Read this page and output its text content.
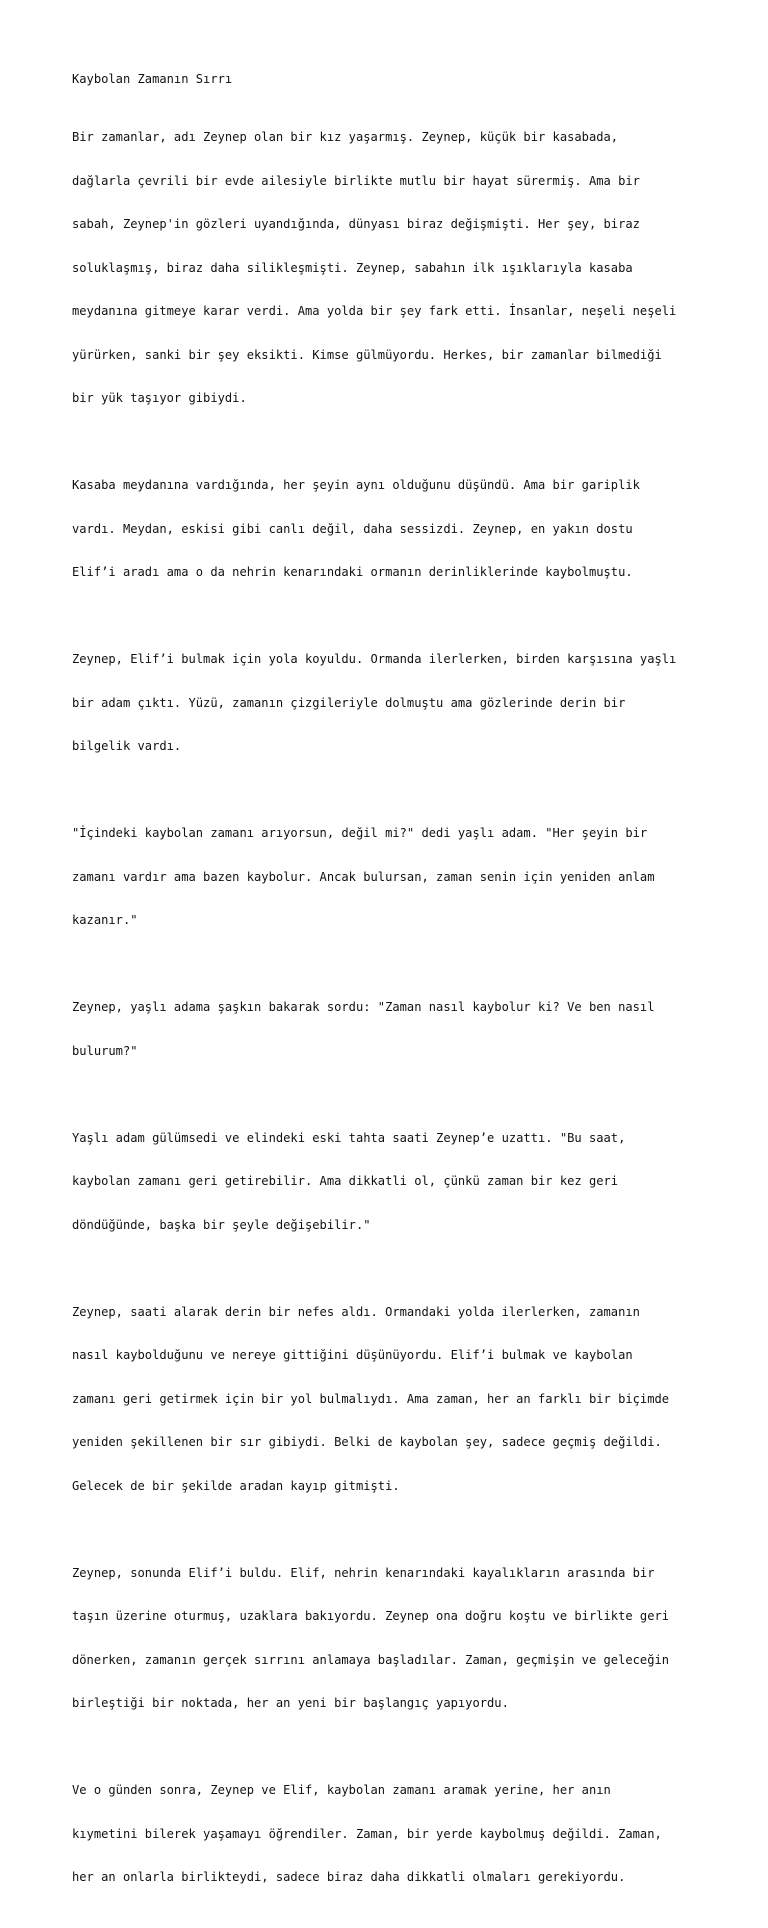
Kaybolan Zamanın Sırrı

Bir zamanlar, adı Zeynep olan bir kız yaşarmış. Zeynep, küçük bir kasabada,

dağlarla çevrili bir evde ailesiyle birlikte mutlu bir hayat sürermiş. Ama bir

sabah, Zeynep'in gözleri uyandığında, dünyası biraz değişmişti. Her şey, biraz

soluklaşmış, biraz daha silikleşmişti. Zeynep, sabahın ilk ışıklarıyla kasaba

meydanına gitmeye karar verdi. Ama yolda bir şey fark etti. İnsanlar, neşeli neşeli

yürürken, sanki bir şey eksikti. Kimse gülmüyordu. Herkes, bir zamanlar bilmediği

bir yük taşıyor gibiydi.

Kasaba meydanına vardığında, her şeyin aynı olduğunu düşündü. Ama bir gariplik

vardı. Meydan, eskisi gibi canlı değil, daha sessizdi. Zeynep, en yakın dostu

Elif’i aradı ama o da nehrin kenarındaki ormanın derinliklerinde kaybolmuştu.

Zeynep, Elif’i bulmak için yola koyuldu. Ormanda ilerlerken, birden karşısına yaşlı

bir adam çıktı. Yüzü, zamanın çizgileriyle dolmuştu ama gözlerinde derin bir

bilgelik vardı.

"İçindeki kaybolan zamanı arıyorsun, değil mi?" dedi yaşlı adam. "Her şeyin bir

zamanı vardır ama bazen kaybolur. Ancak bulursan, zaman senin için yeniden anlam

kazanır."

Zeynep, yaşlı adama şaşkın bakarak sordu: "Zaman nasıl kaybolur ki? Ve ben nasıl

bulurum?"

Yaşlı adam gülümsedi ve elindeki eski tahta saati Zeynep’e uzattı. "Bu saat,

kaybolan zamanı geri getirebilir. Ama dikkatli ol, çünkü zaman bir kez geri

döndüğünde, başka bir şeyle değişebilir."

Zeynep, saati alarak derin bir nefes aldı. Ormandaki yolda ilerlerken, zamanın

nasıl kaybolduğunu ve nereye gittiğini düşünüyordu. Elif’i bulmak ve kaybolan

zamanı geri getirmek için bir yol bulmalıydı. Ama zaman, her an farklı bir biçimde

yeniden şekillenen bir sır gibiydi. Belki de kaybolan şey, sadece geçmiş değildi.

Gelecek de bir şekilde aradan kayıp gitmişti.

Zeynep, sonunda Elif’i buldu. Elif, nehrin kenarındaki kayalıkların arasında bir

taşın üzerine oturmuş, uzaklara bakıyordu. Zeynep ona doğru koştu ve birlikte geri

dönerken, zamanın gerçek sırrını anlamaya başladılar. Zaman, geçmişin ve geleceğin

birleştiği bir noktada, her an yeni bir başlangıç yapıyordu.

Ve o günden sonra, Zeynep ve Elif, kaybolan zamanı aramak yerine, her anın

kıymetini bilerek yaşamayı öğrendiler. Zaman, bir yerde kaybolmuş değildi. Zaman,

her an onlarla birlikteydi, sadece biraz daha dikkatli olmaları gerekiyordu.
